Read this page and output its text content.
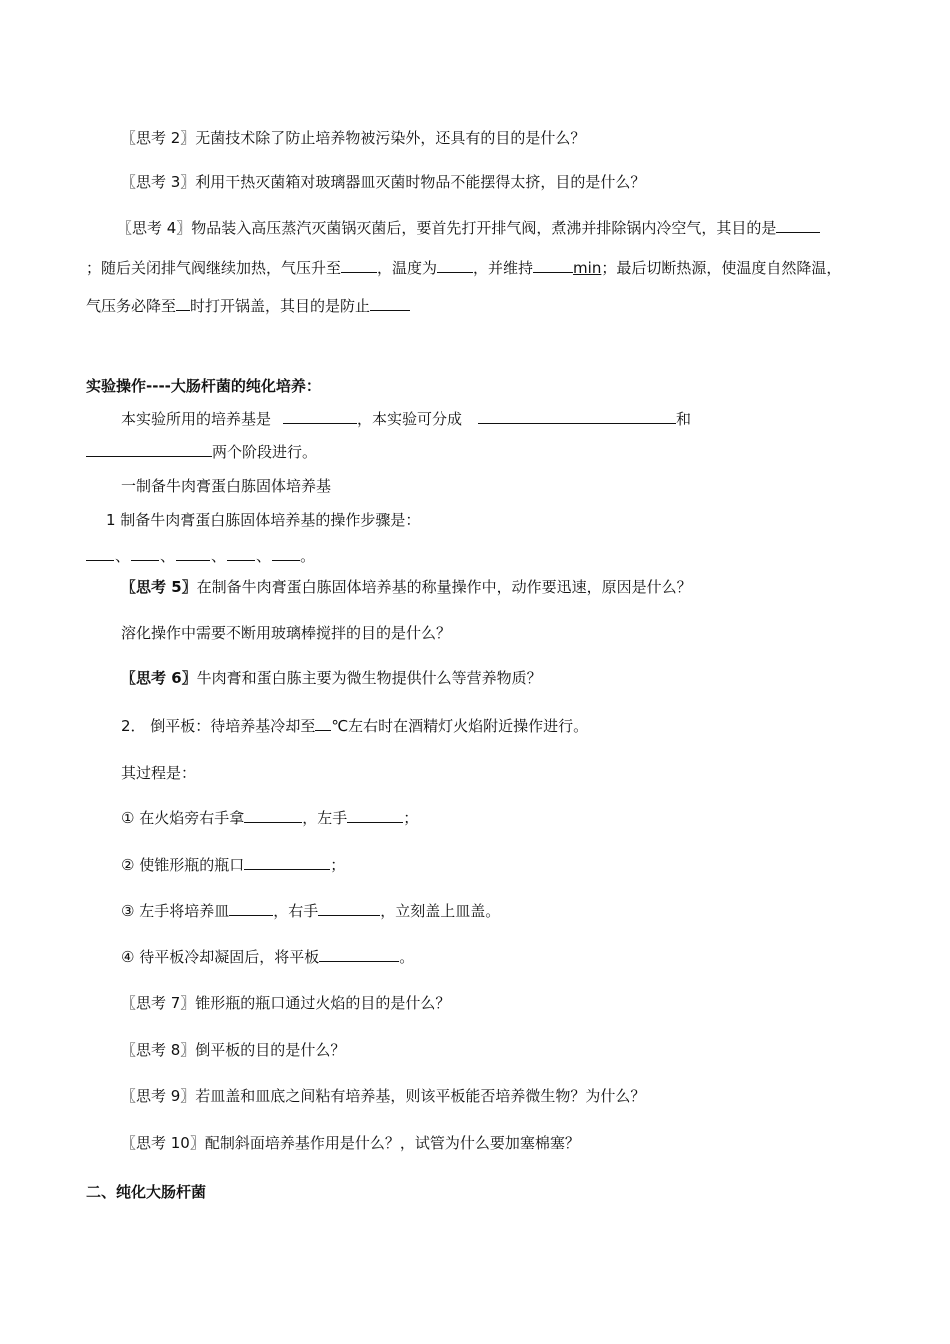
〖思考 2〗无菌技术除了防止培养物被污染外，还具有的目的是什么？
〖思考 3〗利用干热灭菌箱对玻璃器皿灭菌时物品不能摆得太挤，目的是什么？
〖思考 4〗物品装入高压蒸汽灭菌锅灭菌后，要首先打开排气阀，煮沸并排除锅内冷空气，其目的是
；随后关闭排气阀继续加热，气压升至 ，温度为 ，并维持	min；最后切断热源，使温度自然降温，
气压务必降至 时打开锅盖，其目的是防止
实验操作----大肠杆菌的纯化培养：
本实验所用的培养基是	，本实验可分成	和
两个阶段进行。
一制备牛肉膏蛋白胨固体培养基
1 制备牛肉膏蛋白胨固体培养基的操作步骤是：
、 、 、 、 。
〖思考 5〗在制备牛肉膏蛋白胨固体培养基的称量操作中，动作要迅速，原因是什么？
溶化操作中需要不断用玻璃棒搅拌的目的是什么？
〖思考 6〗牛肉膏和蛋白胨主要为微生物提供什么等营养物质？
2． 倒平板：待培养基冷却至 ℃左右时在酒精灯火焰附近操作进行。
其过程是：
① 在火焰旁右手拿	，左手	；
② 使锥形瓶的瓶口	；
③ 左手将培养皿	，右手	，立刻盖上皿盖。
④ 待平板冷却凝固后，将平板	。
〖思考 7〗锥形瓶的瓶口通过火焰的目的是什么？
〖思考 8〗倒平板的目的是什么？
〖思考 9〗若皿盖和皿底之间粘有培养基，则该平板能否培养微生物？为什么？
〖思考 10〗配制斜面培养基作用是什么？，试管为什么要加塞棉塞？
二、纯化大肠杆菌
